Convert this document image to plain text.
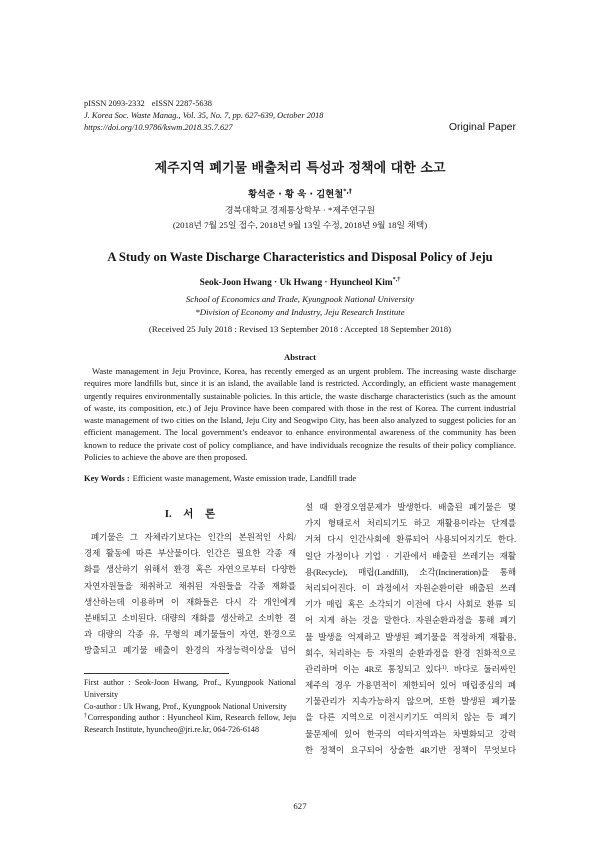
pISSN 2093-2332 eISSN 2287-5638
J. Korea Soc. Waste Manag., Vol. 35, No. 7, pp. 627-639, October 2018
https://doi.org/10.9786/kswm.2018.35.7.627	Original Paper
제주지역 폐기물 배출처리 특성과 정책에 대한 소고
황석준 · 황 욱 · 김현철*,†
경북대학교 경제통상학부 · *제주연구원
(2018년 7월 25일 접수, 2018년 9월 13일 수정, 2018년 9월 18일 채택)
A Study on Waste Discharge Characteristics and Disposal Policy of Jeju
Seok-Joon Hwang · Uk Hwang · Hyuncheol Kim*,†
School of Economics and Trade, Kyungpook National University
*Division of Economy and Industry, Jeju Research Institute
(Received 25 July 2018 : Revised 13 September 2018 : Accepted 18 September 2018)
Abstract

Waste management in Jeju Province, Korea, has recently emerged as an urgent problem. The increasing waste discharge requires more landfills but, since it is an island, the available land is restricted. Accordingly, an efficient waste management urgently requires environmentally sustainable policies. In this article, the waste discharge characteristics (such as the amount of waste, its composition, etc.) of Jeju Province have been compared with those in the rest of Korea. The current industrial waste management of two cities on the Island, Jeju City and Seogwipo City, has been also analyzed to suggest policies for an efficient management. The local government’s endeavor to enhance environmental awareness of the community has been known to reduce the private cost of policy compliance, and have individuals recognize the results of their policy compliance. Policies to achieve the above are then proposed.

Key Words : Efficient waste management, Waste emission trade, Landfill trade
I. 서 론
폐기물은 그 자체라기보다는 인간의 본원적인 사회/
경제 활동에 따른 부산물이다. 인간은 필요한 각종 재
화를 생산하기 위해서 환경 혹은 자연으로부터 다양한
자연자원들을 채취하고 채취된 자원들을 각종 재화를
생산하는데 이용하며 이 재화들은 다시 각 개인에게
분배되고 소비된다. 대량의 재화를 생산하고 소비한 결
과 대량의 각종 유, 무형의 폐기물들이 자연, 환경으로
방출되고 폐기물 배출이 환경의 자정능력이상을 넘어

First author : Seok-Joon Hwang, Prof., Kyungpook National University

Co-author : Uk Hwang, Prof., Kyungpook National University

†Corresponding author : Hyuncheol Kim, Research fellow, Jeju Research Institute, hyuncheo@jri.re.kr, 064-726-6148

설 때 환경오염문제가 발생한다. 배출된 폐기물은 몇
가지 형태로서 처리되기도 하고 재활용이라는 단계를
거쳐 다시 인간사회에 환류되어 사용되어지기도 한다.
일단 가정이나 기업 · 기관에서 배출된 쓰레기는 재활
용(Recycle), 매립(Landfill), 소각(Incineration)을 통해
처리되어진다. 이 과정에서 자원순환이란 배출된 쓰레
기가 매립 혹은 소각되기 이전에 다시 사회로 환류 되
어 지게 하는 것을 말한다. 자원순환과정을 통해 폐기
물 발생을 억제하고 발생된 폐기물을 적정하게 재활용,
회수, 처리하는 등 자원의 순환과정을 환경 친화적으로
관리하며 이는 4R로 통칭되고 있다$^{1)}$. 바다로 둘러싸인
제주의 경우 가용면적이 제한되어 있어 매립중심의 폐
기물관리가 지속가능하지 않으며, 또한 발생된 폐기물
을 다른 지역으로 이전시키기도 여의치 않는 등 폐기
물문제에 있어 한국의 여타지역과는 차별화되고 강력
한 정책이 요구되어 상술한 4R기반 정책이 무엇보다
627
